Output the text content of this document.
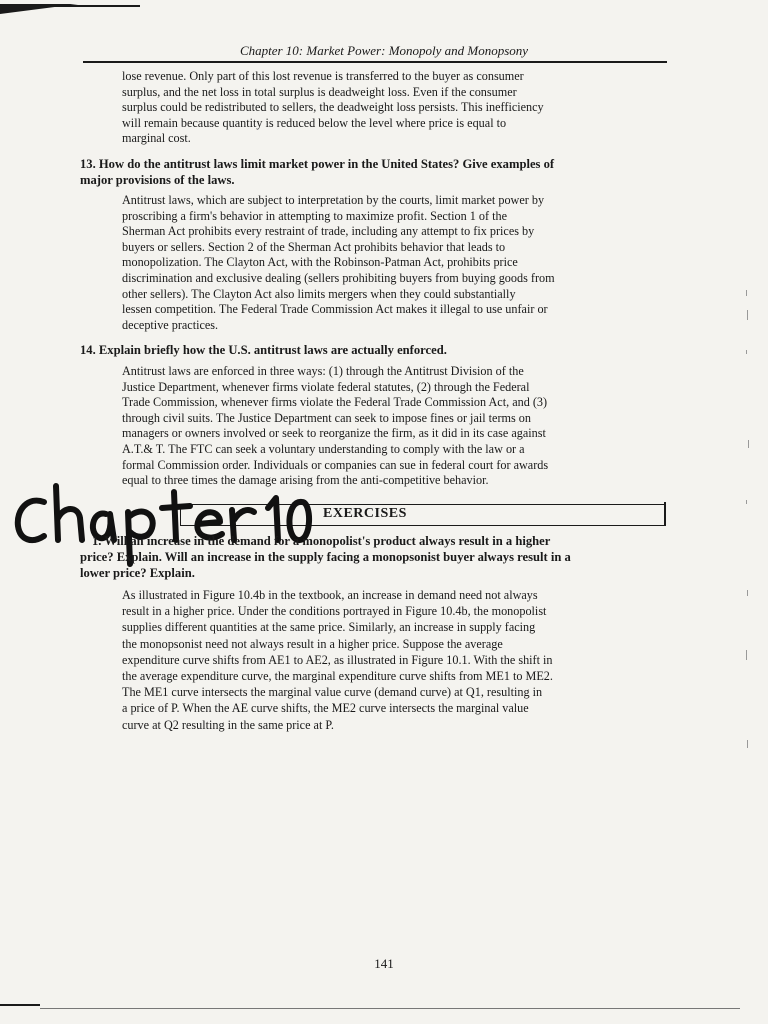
Chapter 10: Market Power: Monopoly and Monopsony

lose revenue. Only part of this lost revenue is transferred to the buyer as consumer
surplus, and the net loss in total surplus is deadweight loss. Even if the consumer
surplus could be redistributed to sellers, the deadweight loss persists. This inefficiency
will remain because quantity is reduced below the level where price is equal to
marginal cost.

13. How do the antitrust laws limit market power in the United States? Give examples of
major provisions of the laws.

Antitrust laws, which are subject to interpretation by the courts, limit market power by
proscribing a firm's behavior in attempting to maximize profit. Section 1 of the
Sherman Act prohibits every restraint of trade, including any attempt to fix prices by
buyers or sellers. Section 2 of the Sherman Act prohibits behavior that leads to
monopolization. The Clayton Act, with the Robinson-Patman Act, prohibits price
discrimination and exclusive dealing (sellers prohibiting buyers from buying goods from
other sellers). The Clayton Act also limits mergers when they could substantially
lessen competition. The Federal Trade Commission Act makes it illegal to use unfair or
deceptive practices.

14. Explain briefly how the U.S. antitrust laws are actually enforced.

Antitrust laws are enforced in three ways: (1) through the Antitrust Division of the
Justice Department, whenever firms violate federal statutes, (2) through the Federal
Trade Commission, whenever firms violate the Federal Trade Commission Act, and (3)
through civil suits. The Justice Department can seek to impose fines or jail terms on
managers or owners involved or seek to reorganize the firm, as it did in its case against
A.T.& T. The FTC can seek a voluntary understanding to comply with the law or a
formal Commission order. Individuals or companies can sue in federal court for awards
equal to three times the damage arising from the anti-competitive behavior.

EXERCISES

1. Will an increase in the demand for a monopolist's product always result in a higher
price? Explain. Will an increase in the supply facing a monopsonist buyer always result in a
lower price? Explain.

As illustrated in Figure 10.4b in the textbook, an increase in demand need not always
result in a higher price. Under the conditions portrayed in Figure 10.4b, the monopolist
supplies different quantities at the same price. Similarly, an increase in supply facing
the monopsonist need not always result in a higher price. Suppose the average
expenditure curve shifts from AE1 to AE2, as illustrated in Figure 10.1. With the shift in
the average expenditure curve, the marginal expenditure curve shifts from ME1 to ME2.
The ME1 curve intersects the marginal value curve (demand curve) at Q1, resulting in
a price of P. When the AE curve shifts, the ME2 curve intersects the marginal value
curve at Q2 resulting in the same price at P.

141
